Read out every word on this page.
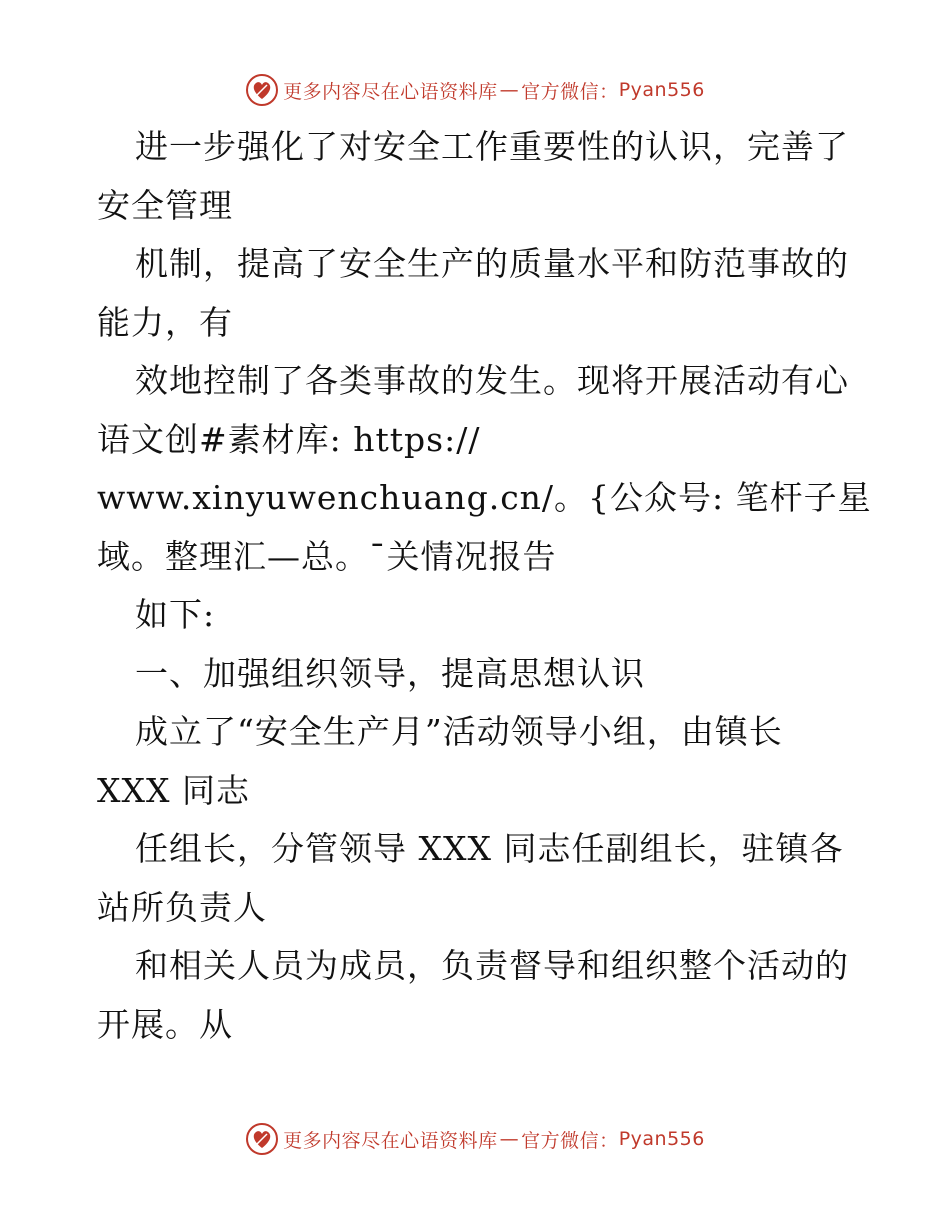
更多内容尽在心语资料库 — 官方微信： Pyan556
进一步强化了对安全工作重要性的认识，完善了
安全管理
机制，提高了安全生产的质量水平和防范事故的
能力，有
效地控制了各类事故的发生。现将开展活动有心
语文创#素材库: https://
www.xinyuwenchuang.cn/。{公众号: 笔杆子星
域。整理汇—总。¯关情况报告
如下:
一、加强组织领导，提高思想认识
成立了“安全生产月”活动领导小组，由镇长
XXX 同志
任组长，分管领导 XXX 同志任副组长，驻镇各
站所负责人
和相关人员为成员，负责督导和组织整个活动的
开展。从
更多内容尽在心语资料库 — 官方微信： Pyan556
